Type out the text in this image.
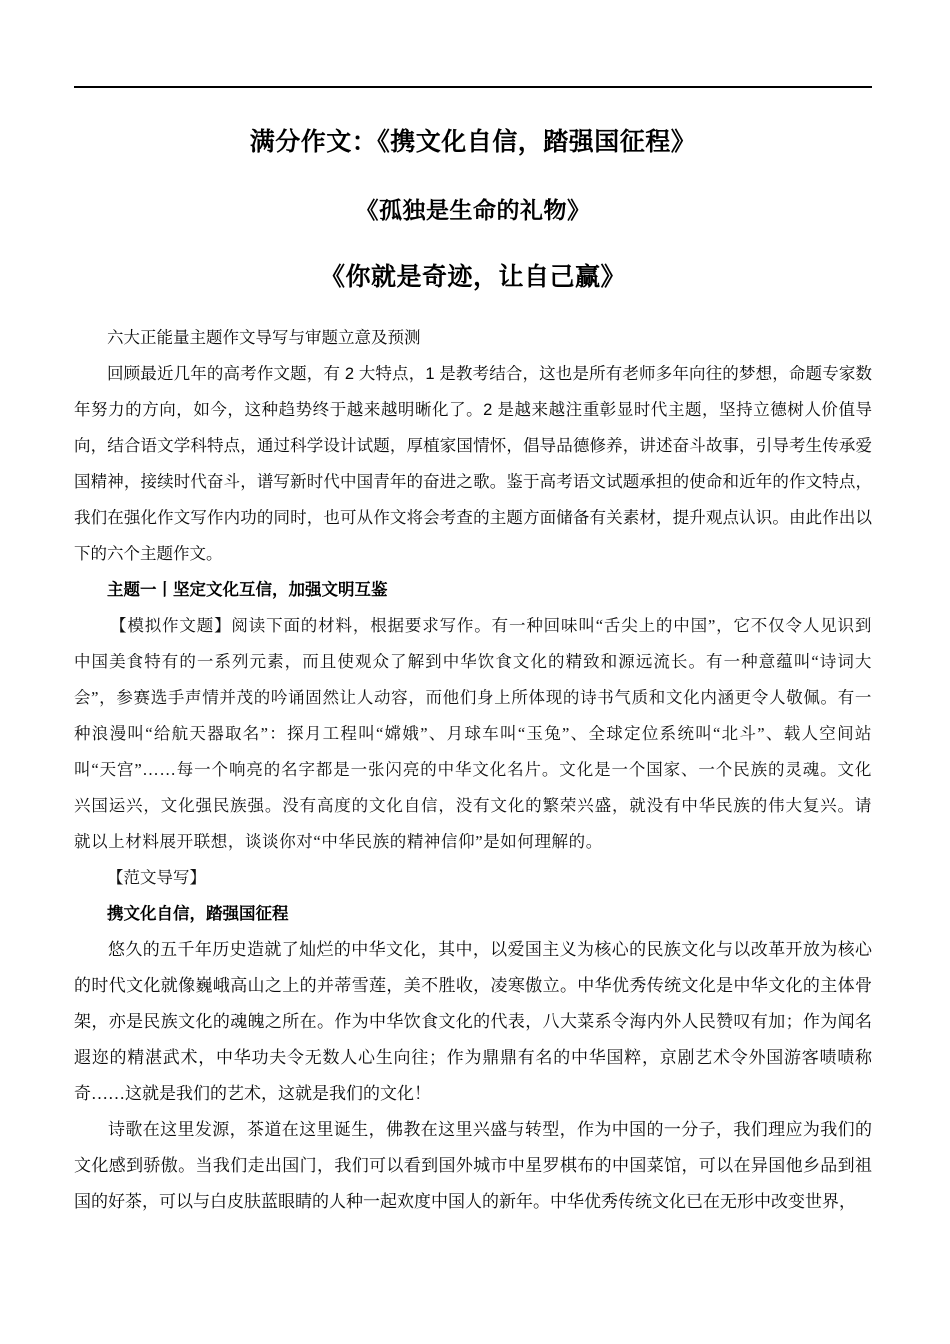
满分作文：《携文化自信，踏强国征程》
《孤独是生命的礼物》
《你就是奇迹，让自己赢》

六大正能量主题作文导写与审题立意及预测

回顾最近几年的高考作文题，有 2 大特点，1 是教考结合，这也是所有老师多年向往的梦想，命题专家数年努力的方向，如今，这种趋势终于越来越明晰化了。2 是越来越注重彰显时代主题，坚持立德树人价值导向，结合语文学科特点，通过科学设计试题，厚植家国情怀，倡导品德修养，讲述奋斗故事，引导考生传承爱国精神，接续时代奋斗，谱写新时代中国青年的奋进之歌。鉴于高考语文试题承担的使命和近年的作文特点，我们在强化作文写作内功的同时，也可从作文将会考查的主题方面储备有关素材，提升观点认识。由此作出以下的六个主题作文。

主题一丨坚定文化互信，加强文明互鉴

【模拟作文题】阅读下面的材料，根据要求写作。有一种回味叫“舌尖上的中国”，它不仅令人见识到中国美食特有的一系列元素，而且使观众了解到中华饮食文化的精致和源远流长。有一种意蕴叫“诗词大会”，参赛选手声情并茂的吟诵固然让人动容，而他们身上所体现的诗书气质和文化内涵更令人敬佩。有一种浪漫叫“给航天器取名”：探月工程叫“嫦娥”、月球车叫“玉兔”、全球定位系统叫“北斗”、载人空间站叫“天宫”……每一个响亮的名字都是一张闪亮的中华文化名片。文化是一个国家、一个民族的灵魂。文化兴国运兴，文化强民族强。没有高度的文化自信，没有文化的繁荣兴盛，就没有中华民族的伟大复兴。请就以上材料展开联想，谈谈你对“中华民族的精神信仰”是如何理解的。

【范文导写】

携文化自信，踏强国征程

悠久的五千年历史造就了灿烂的中华文化，其中，以爱国主义为核心的民族文化与以改革开放为核心的时代文化就像巍峨高山之上的并蒂雪莲，美不胜收，凌寒傲立。中华优秀传统文化是中华文化的主体骨架，亦是民族文化的魂魄之所在。作为中华饮食文化的代表，八大菜系令海内外人民赞叹有加；作为闻名遐迩的精湛武术，中华功夫令无数人心生向往；作为鼎鼎有名的中华国粹，京剧艺术令外国游客啧啧称奇……这就是我们的艺术，这就是我们的文化！

诗歌在这里发源，茶道在这里诞生，佛教在这里兴盛与转型，作为中国的一分子，我们理应为我们的文化感到骄傲。当我们走出国门，我们可以看到国外城市中星罗棋布的中国菜馆，可以在异国他乡品到祖国的好茶，可以与白皮肤蓝眼睛的人种一起欢度中国人的新年。中华优秀传统文化已在无形中改变世界，
